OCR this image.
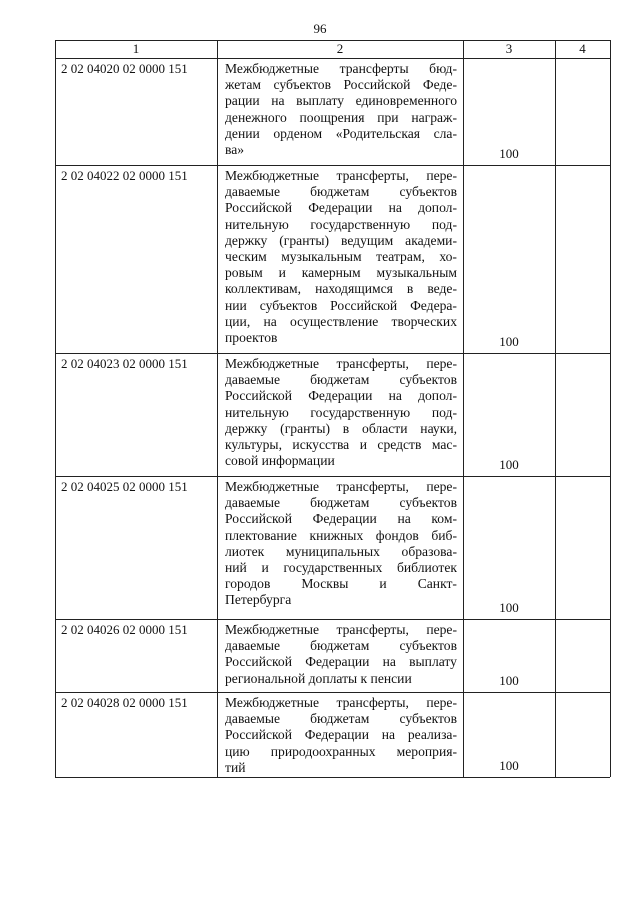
96
1	2	3	4
2 02 04020 02 0000 151	Межбюджетные трансферты бюд-
жетам субъектов Российской Феде-
рации на выплату единовременного
денежного поощрения при награж-
дении орденом «Родительская сла-
ва»	100
2 02 04022 02 0000 151	Межбюджетные трансферты, пере-
даваемые бюджетам субъектов
Российской Федерации на допол-
нительную государственную под-
держку (гранты) ведущим академи-
ческим музыкальным театрам, хо-
ровым и камерным музыкальным
коллективам, находящимся в веде-
нии субъектов Российской Федера-
ции, на осуществление творческих
проектов	100
2 02 04023 02 0000 151	Межбюджетные трансферты, пере-
даваемые бюджетам субъектов
Российской Федерации на допол-
нительную государственную под-
держку (гранты) в области науки,
культуры, искусства и средств мас-
совой информации	100
2 02 04025 02 0000 151	Межбюджетные трансферты, пере-
даваемые бюджетам субъектов
Российской Федерации на ком-
плектование книжных фондов биб-
лиотек муниципальных образова-
ний и государственных библиотек
городов Москвы и Санкт-
Петербурга
100
2 02 04026 02 0000 151	Межбюджетные трансферты, пере-
даваемые бюджетам субъектов
Российской Федерации на выплату
региональной доплаты к пенсии	100
2 02 04028 02 0000 151	Межбюджетные трансферты, пере-
даваемые бюджетам субъектов
Российской Федерации на реализа-
цию природоохранных мероприя-
тий	100
